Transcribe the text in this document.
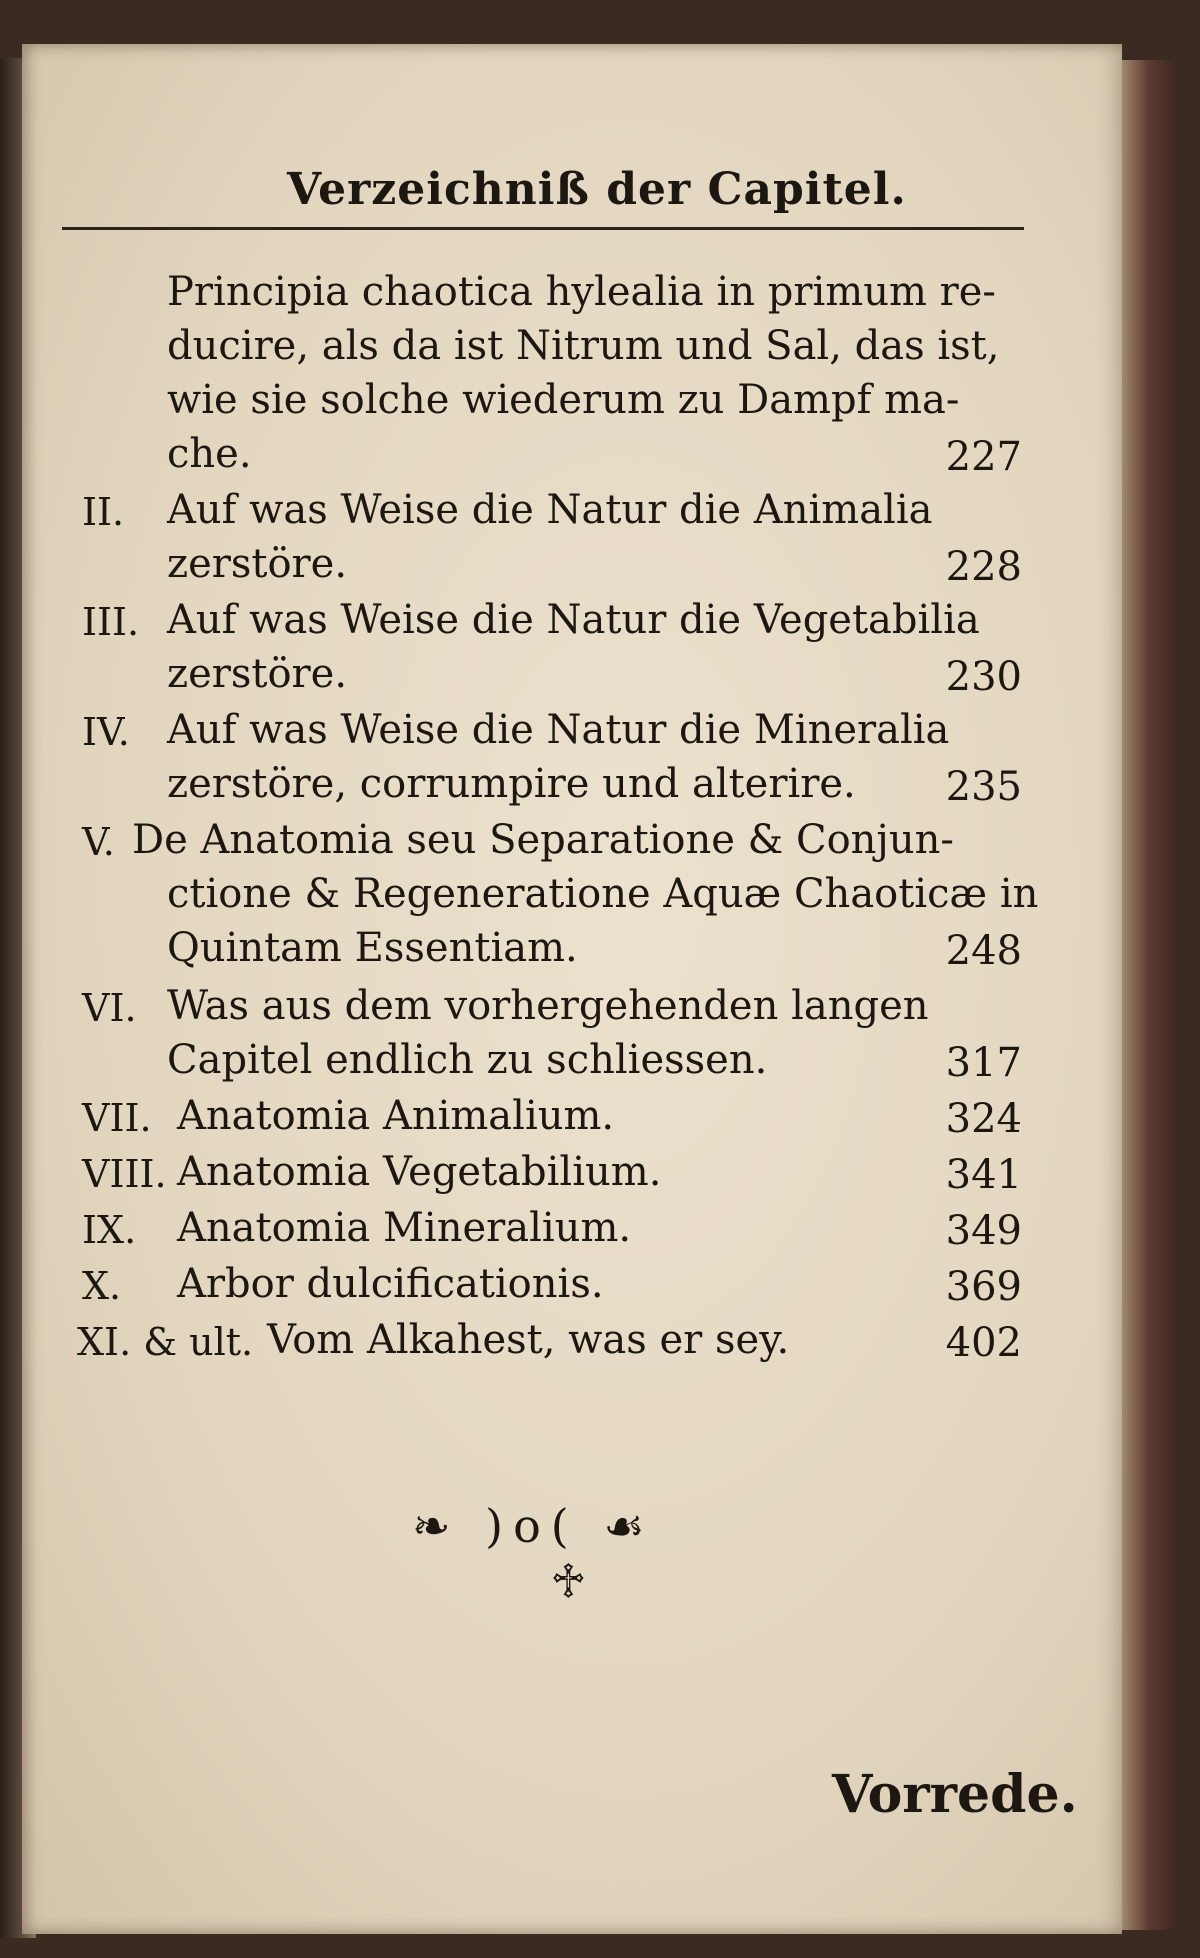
Verzeichniß der Capitel.
Principia chaotica hylealia in primum re-
ducire, als da ist Nitrum und Sal, das ist,
wie sie solche wiederum zu Dampf ma-
che.	227
II. Auf was Weise die Natur die Animalia
zerstöre.	228
III. Auf was Weise die Natur die Vegetabilia
zerstöre.	230
IV. Auf was Weise die Natur die Mineralia
zerstöre, corrumpire und alterire.	235
V. De Anatomia seu Separatione & Conjun-
ctione & Regeneratione Aquæ Chaoticæ in
Quintam Essentiam.	248
VI. Was aus dem vorhergehenden langen
Capitel endlich zu schliessen.	317
VII. Anatomia Animalium.	324
VIII. Anatomia Vegetabilium.	341
IX. Anatomia Mineralium.	349
X. Arbor dulcificationis.	369
XI. & ult. Vom Alkahest, was er sey.	402
❧ )o( ☙
♱
Vorrede.
